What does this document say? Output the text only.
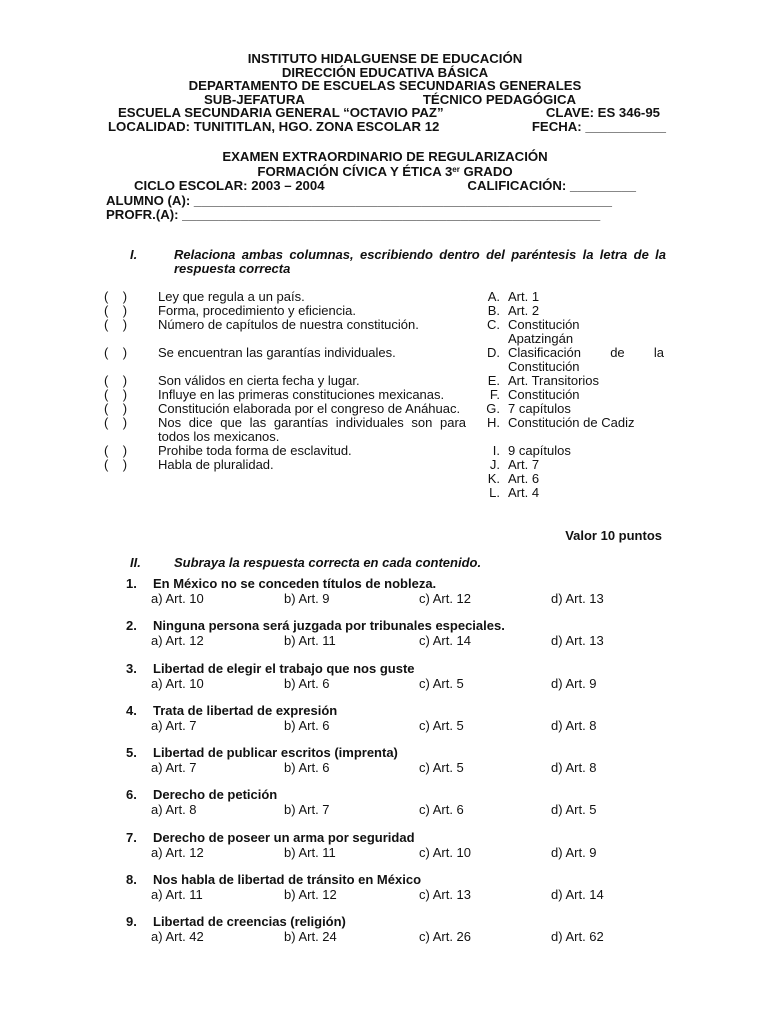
INSTITUTO HIDALGUENSE DE EDUCACIÓN
DIRECCIÓN EDUCATIVA BÁSICA
DEPARTAMENTO DE ESCUELAS SECUNDARIAS GENERALES
SUB-JEFATURA	TÉCNICO PEDAGÓGICA
ESCUELA SECUNDARIA GENERAL “OCTAVIO PAZ”	CLAVE: ES 346-95
LOCALIDAD: TUNITITLAN, HGO. ZONA ESCOLAR 12	FECHA: ___________
EXAMEN EXTRAORDINARIO DE REGULARIZACIÓN
FORMACIÓN CÍVICA Y ÉTICA 3er GRADO
CICLO ESCOLAR: 2003 – 2004	CALIFICACIÓN: _________
ALUMNO (A): _________________________________________________________
PROFR.(A): _________________________________________________________
I.	Relaciona ambas columnas, escribiendo dentro del paréntesis la letra de la respuesta correcta
(    )	Ley que regula a un país.	A. Art. 1
(    )	Forma, procedimiento y eficiencia.	B. Art. 2
(    )	Número de capítulos de nuestra constitución.	C. Constitución Apatzingán
(    )	Se encuentran las garantías individuales.	D. Clasificación de la
Constitución
(    )	Son válidos en cierta fecha y lugar.	E. Art. Transitorios
(    )	Influye en las primeras constituciones mexicanas.	F. Constitución
(    )	Constitución elaborada por el congreso de Anáhuac.	G. 7 capítulos
(    )	Nos dice que las garantías individuales son para todos los mexicanos.
H. Constitución de Cadiz
(    )	Prohibe toda forma de esclavitud.	I. 9 capítulos
(    )	Habla de pluralidad.	J. Art. 7
K. Art. 6
L. Art. 4
Valor 10 puntos
II.	Subraya la respuesta correcta en cada contenido.
1. En México no se conceden títulos de nobleza.
a) Art. 10	b) Art. 9	c) Art. 12	d) Art. 13
2. Ninguna persona será juzgada por tribunales especiales.
a) Art. 12	b) Art. 11	c) Art. 14	d) Art. 13
3. Libertad de elegir el trabajo que nos guste
a) Art. 10	b) Art. 6	c) Art. 5	d) Art. 9
4. Trata de libertad de expresión
a) Art. 7	b) Art. 6	c) Art. 5	d) Art. 8
5. Libertad de publicar escritos (imprenta)
a) Art. 7	b) Art. 6	c) Art. 5	d) Art. 8
6. Derecho de petición
a) Art. 8	b) Art. 7	c) Art. 6	d) Art. 5
7. Derecho de poseer un arma por seguridad
a) Art. 12	b) Art. 11	c) Art. 10	d) Art. 9
8. Nos habla de libertad de tránsito en México
a) Art. 11	b) Art. 12	c) Art. 13	d) Art. 14
9. Libertad de creencias (religión)
a) Art. 42	b) Art. 24	c) Art. 26	d) Art. 62
